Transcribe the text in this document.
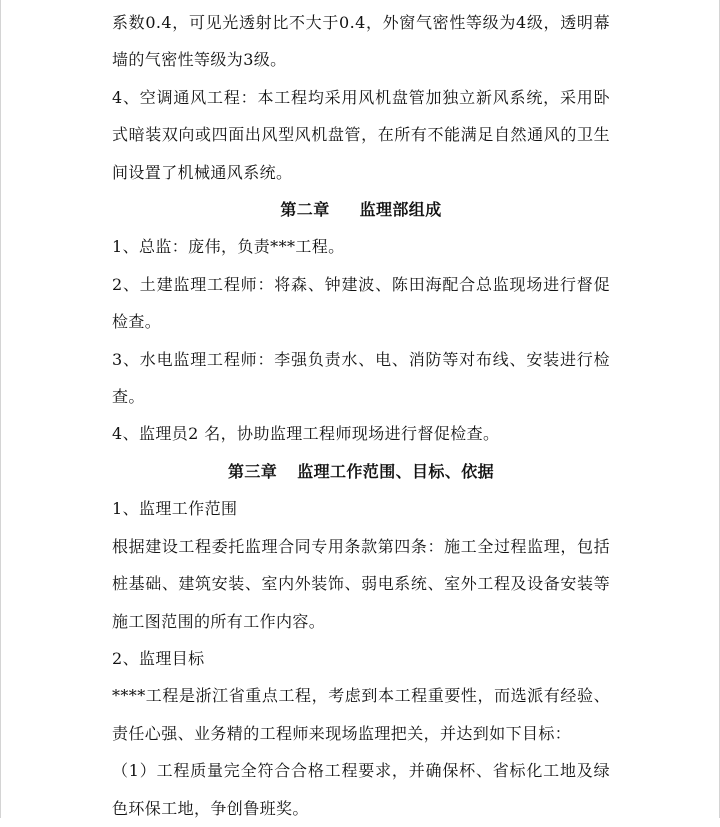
系数0.4，可见光透射比不大于0.4，外窗气密性等级为4级，透明幕墙的气密性等级为3级。

4、空调通风工程：本工程均采用风机盘管加独立新风系统，采用卧式暗装双向或四面出风型风机盘管，在所有不能满足自然通风的卫生间设置了机械通风系统。

第二章 监理部组成

1、总监：庞伟，负责***工程。

2、土建监理工程师：将森、钟建波、陈田海配合总监现场进行督促检查。

3、水电监理工程师：李强负责水、电、消防等对布线、安装进行检查。

4、监理员2 名，协助监理工程师现场进行督促检查。

第三章 监理工作范围、目标、依据

1、监理工作范围

根据建设工程委托监理合同专用条款第四条：施工全过程监理，包括桩基础、建筑安装、室内外装饰、弱电系统、室外工程及设备安装等施工图范围的所有工作内容。

2、监理目标

****工程是浙江省重点工程，考虑到本工程重要性，而选派有经验、责任心强、业务精的工程师来现场监理把关，并达到如下目标：

（1）工程质量完全符合合格工程要求，并确保杯、省标化工地及绿色环保工地，争创鲁班奖。
